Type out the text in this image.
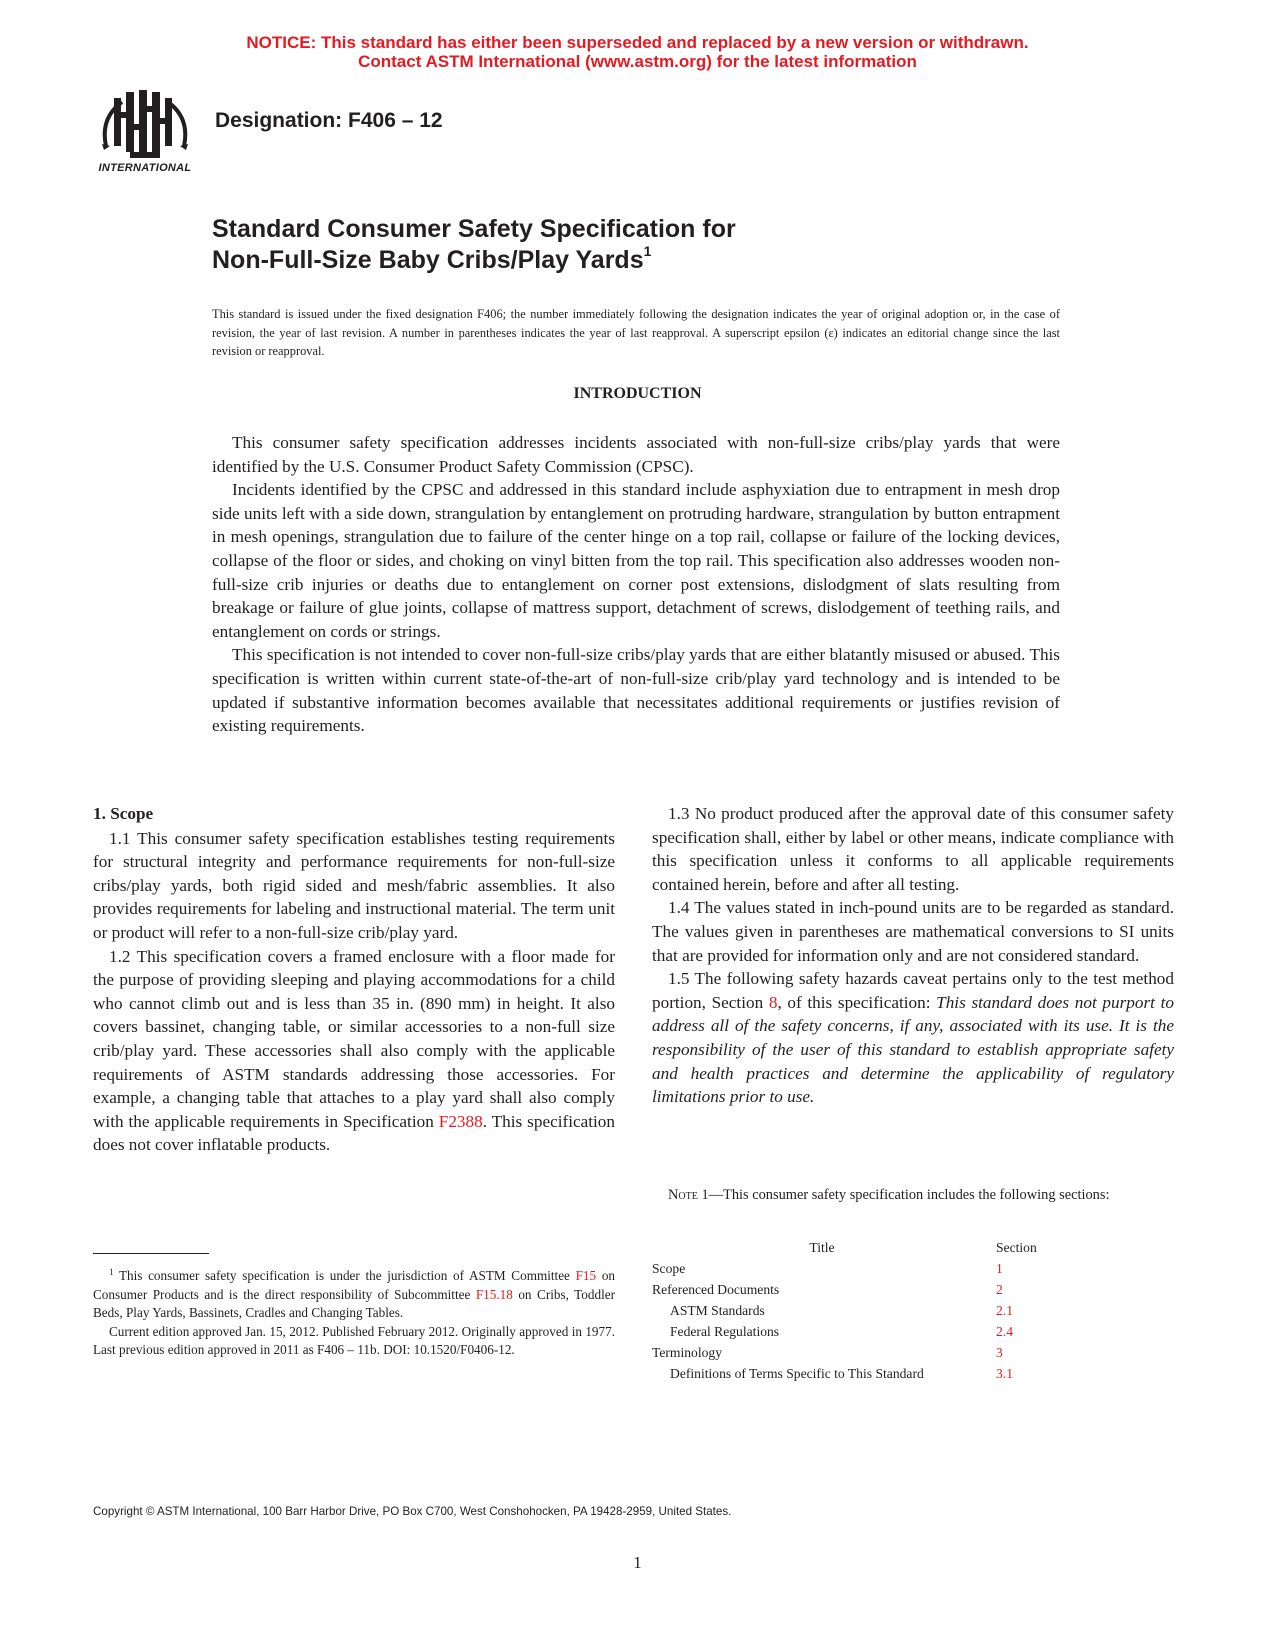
NOTICE: This standard has either been superseded and replaced by a new version or withdrawn.
Contact ASTM International (www.astm.org) for the latest information
INTERNATIONAL
Designation: F406 – 12
Standard Consumer Safety Specification for
Non-Full-Size Baby Cribs/Play Yards$^1$
This standard is issued under the fixed designation F406; the number immediately following the designation indicates the year of original adoption or, in the case of revision, the year of last revision. A number in parentheses indicates the year of last reapproval. A superscript epsilon (ε) indicates an editorial change since the last revision or reapproval.
INTRODUCTION

This consumer safety specification addresses incidents associated with non-full-size cribs/play yards that were identified by the U.S. Consumer Product Safety Commission (CPSC).

Incidents identified by the CPSC and addressed in this standard include asphyxiation due to entrapment in mesh drop side units left with a side down, strangulation by entanglement on protruding hardware, strangulation by button entrapment in mesh openings, strangulation due to failure of the center hinge on a top rail, collapse or failure of the locking devices, collapse of the floor or sides, and choking on vinyl bitten from the top rail. This specification also addresses wooden non-full-size crib injuries or deaths due to entanglement on corner post extensions, dislodgment of slats resulting from breakage or failure of glue joints, collapse of mattress support, detachment of screws, dislodgement of teething rails, and entanglement on cords or strings.

This specification is not intended to cover non-full-size cribs/play yards that are either blatantly misused or abused. This specification is written within current state-of-the-art of non-full-size crib/play yard technology and is intended to be updated if substantive information becomes available that necessitates additional requirements or justifies revision of existing requirements.

1. Scope

1.1 This consumer safety specification establishes testing requirements for structural integrity and performance requirements for non-full-size cribs/play yards, both rigid sided and mesh/fabric assemblies. It also provides requirements for labeling and instructional material. The term unit or product will refer to a non-full-size crib/play yard.

1.2 This specification covers a framed enclosure with a floor made for the purpose of providing sleeping and playing accommodations for a child who cannot climb out and is less than 35 in. (890 mm) in height. It also covers bassinet, changing table, or similar accessories to a non-full size crib/play yard. These accessories shall also comply with the applicable requirements of ASTM standards addressing those accessories. For example, a changing table that attaches to a play yard shall also comply with the applicable requirements in Specification F2388. This specification does not cover inflatable products.

1.3 No product produced after the approval date of this consumer safety specification shall, either by label or other means, indicate compliance with this specification unless it conforms to all applicable requirements contained herein, before and after all testing.

1.4 The values stated in inch-pound units are to be regarded as standard. The values given in parentheses are mathematical conversions to SI units that are provided for information only and are not considered standard.

1.5 The following safety hazards caveat pertains only to the test method portion, Section 8, of this specification: This standard does not purport to address all of the safety concerns, if any, associated with its use. It is the responsibility of the user of this standard to establish appropriate safety and health practices and determine the applicability of regulatory limitations prior to use.

Note 1—This consumer safety specification includes the following sections:

Title	Section
Scope	1
Referenced Documents	2
ASTM Standards	2.1
Federal Regulations	2.4
Terminology	3
Definitions of Terms Specific to This Standard	3.1

$^1$ This consumer safety specification is under the jurisdiction of ASTM Committee F15 on Consumer Products and is the direct responsibility of Subcommittee F15.18 on Cribs, Toddler Beds, Play Yards, Bassinets, Cradles and Changing Tables.

Current edition approved Jan. 15, 2012. Published February 2012. Originally approved in 1977. Last previous edition approved in 2011 as F406 – 11b. DOI: 10.1520/F0406-12.

Copyright © ASTM International, 100 Barr Harbor Drive, PO Box C700, West Conshohocken, PA 19428-2959, United States.
1
